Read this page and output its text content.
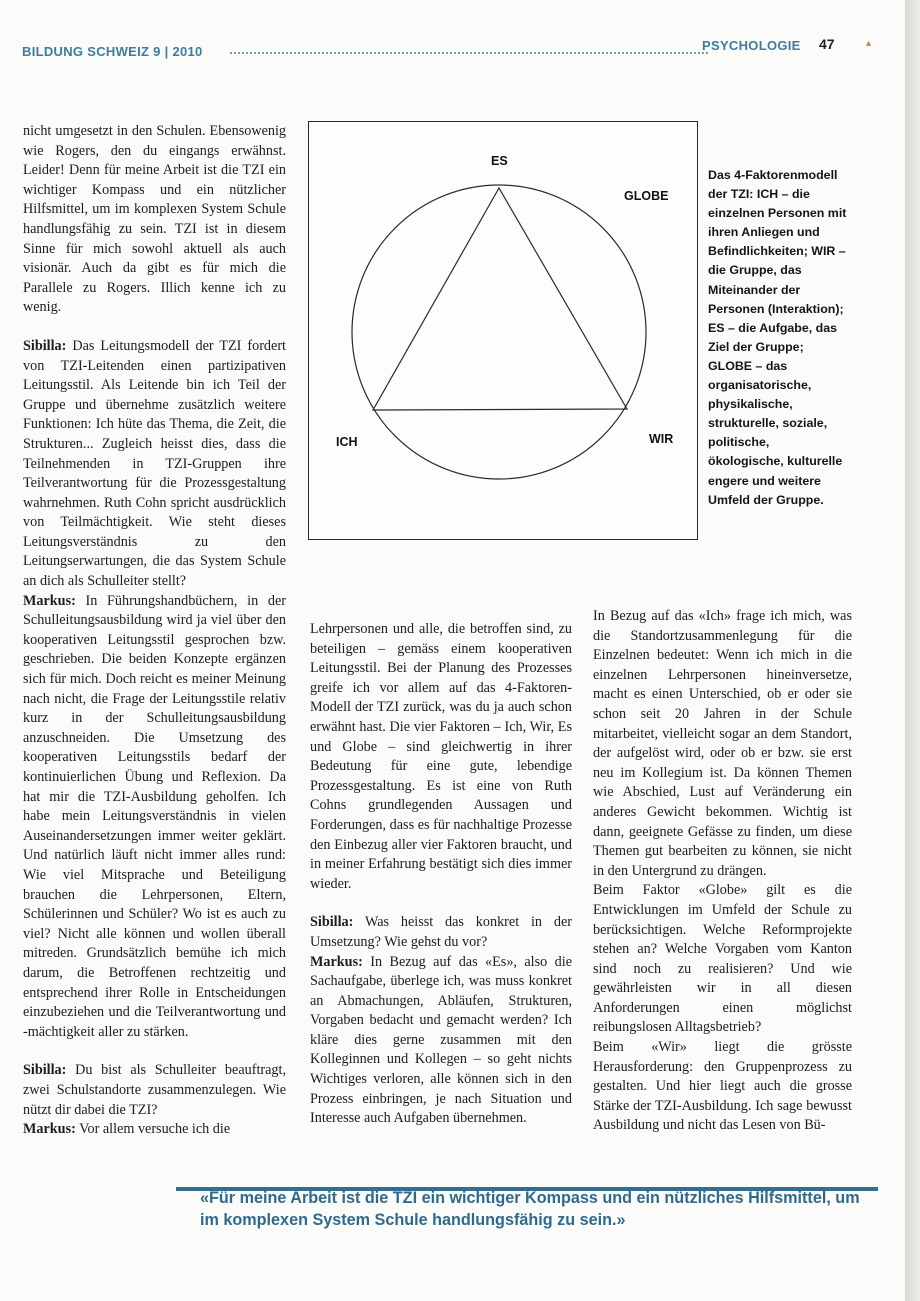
BILDUNG SCHWEIZ 9 | 2010	PSYCHOLOGIE 47	▴

nicht umgesetzt in den Schulen. Ebensowenig wie Rogers, den du eingangs erwähnst. Leider! Denn für meine Arbeit ist die TZI ein wichtiger Kompass und ein nützlicher Hilfsmittel, um im komplexen System Schule handlungsfähig zu sein. TZI ist in diesem Sinne für mich sowohl aktuell als auch visionär. Auch da gibt es für mich die Parallele zu Rogers. Illich kenne ich zu wenig.

Sibilla: Das Leitungsmodell der TZI fordert von TZI-Leitenden einen partizipativen Leitungsstil. Als Leitende bin ich Teil der Gruppe und übernehme zusätzlich weitere Funktionen: Ich hüte das Thema, die Zeit, die Strukturen... Zugleich heisst dies, dass die Teilnehmenden in TZI-Gruppen ihre Teilverantwortung für die Prozessgestaltung wahrnehmen. Ruth Cohn spricht ausdrücklich von Teilmächtigkeit. Wie steht dieses Leitungsverständnis zu den Leitungserwartungen, die das System Schule an dich als Schulleiter stellt?

Markus: In Führungshandbüchern, in der Schulleitungsausbildung wird ja viel über den kooperativen Leitungsstil gesprochen bzw. geschrieben. Die beiden Konzepte ergänzen sich für mich. Doch reicht es meiner Meinung nach nicht, die Frage der Leitungsstile relativ kurz in der Schulleitungsausbildung anzuschneiden. Die Umsetzung des kooperativen Leitungsstils bedarf der kontinuierlichen Übung und Reflexion. Da hat mir die TZI-Ausbildung geholfen. Ich habe mein Leitungsverständnis in vielen Auseinandersetzungen immer weiter geklärt. Und natürlich läuft nicht immer alles rund: Wie viel Mitsprache und Beteiligung brauchen die Lehrpersonen, Eltern, Schülerinnen und Schüler? Wo ist es auch zu viel? Nicht alle können und wollen überall mitreden. Grundsätzlich bemühe ich mich darum, die Betroffenen rechtzeitig und entsprechend ihrer Rolle in Entscheidungen einzubeziehen und die Teilverantwortung und -mächtigkeit aller zu stärken.

Sibilla: Du bist als Schulleiter beauftragt, zwei Schulstandorte zusammenzulegen. Wie nützt dir dabei die TZI?

Markus: Vor allem versuche ich die

ES
GLOBE
ICH	WIR
Das 4-Faktorenmodell der TZI: ICH – die einzelnen Personen mit ihren Anliegen und Befindlichkeiten; WIR – die Gruppe, das Miteinander der Personen (Interaktion); ES – die Aufgabe, das Ziel der Gruppe; GLOBE – das organisatorische, physikalische, strukturelle, soziale, politische, ökologische, kulturelle engere und weitere Umfeld der Gruppe.

Lehrpersonen und alle, die betroffen sind, zu beteiligen – gemäss einem kooperativen Leitungsstil. Bei der Planung des Prozesses greife ich vor allem auf das 4-Faktoren-Modell der TZI zurück, was du ja auch schon erwähnt hast. Die vier Faktoren – Ich, Wir, Es und Globe – sind gleichwertig in ihrer Bedeutung für eine gute, lebendige Prozessgestaltung. Es ist eine von Ruth Cohns grundlegenden Aussagen und Forderungen, dass es für nachhaltige Prozesse den Einbezug aller vier Faktoren braucht, und in meiner Erfahrung bestätigt sich dies immer wieder.

Sibilla: Was heisst das konkret in der Umsetzung? Wie gehst du vor?

Markus: In Bezug auf das «Es», also die Sachaufgabe, überlege ich, was muss konkret an Abmachungen, Abläufen, Strukturen, Vorgaben bedacht und gemacht werden? Ich kläre dies gerne zusammen mit den Kolleginnen und Kollegen – so geht nichts Wichtiges verloren, alle können sich in den Prozess einbringen, je nach Situation und Interesse auch Aufgaben übernehmen.

In Bezug auf das «Ich» frage ich mich, was die Standortzusammenlegung für die Einzelnen bedeutet: Wenn ich mich in die einzelnen Lehrpersonen hineinversetze, macht es einen Unterschied, ob er oder sie schon seit 20 Jahren in der Schule mitarbeitet, vielleicht sogar an dem Standort, der aufgelöst wird, oder ob er bzw. sie erst neu im Kollegium ist. Da können Themen wie Abschied, Lust auf Veränderung ein anderes Gewicht bekommen. Wichtig ist dann, geeignete Gefässe zu finden, um diese Themen gut bearbeiten zu können, sie nicht in den Untergrund zu drängen.

Beim Faktor «Globe» gilt es die Entwicklungen im Umfeld der Schule zu berücksichtigen. Welche Reformprojekte stehen an? Welche Vorgaben vom Kanton sind noch zu realisieren? Und wie gewährleisten wir in all diesen Anforderungen einen möglichst reibungslosen Alltagsbetrieb?

Beim «Wir» liegt die grösste Herausforderung: den Gruppenprozess zu gestalten. Und hier liegt auch die grosse Stärke der TZI-Ausbildung. Ich sage bewusst Ausbildung und nicht das Lesen von Bü-

«Für meine Arbeit ist die TZI ein wichtiger Kompass und ein nützliches Hilfsmittel, um im komplexen System Schule handlungsfähig zu sein.»
